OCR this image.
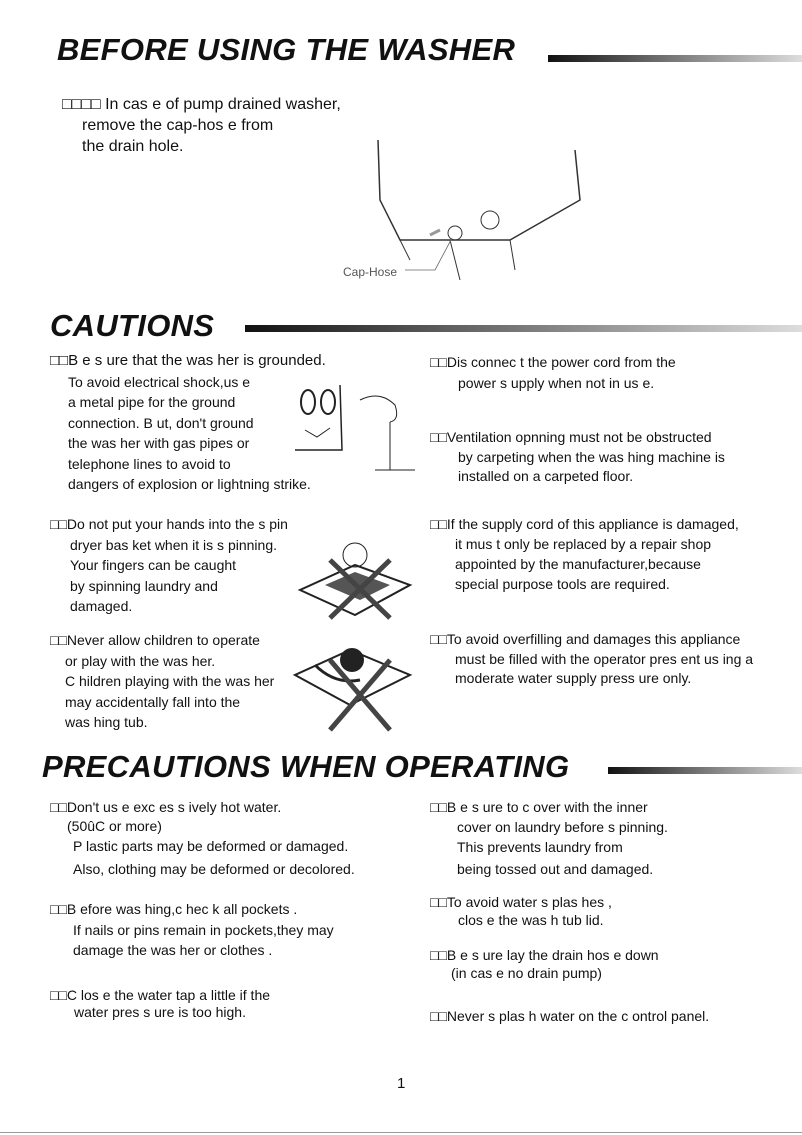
BEFORE USING THE WASHER
□□□□ In cas e of pump drained washer,
remove the cap-hos e from
the drain hole.
Cap-Hose
CAUTIONS
□□B e s ure that the was her is grounded.
To avoid electrical shock,us e
a metal pipe for the ground
connection. B ut, don't ground
the was her with gas pipes or
telephone lines to avoid to
dangers of explosion or lightning strike.
□□Do not put your hands into the s pin
dryer bas ket when it is s pinning.
Your fingers can be caught
by spinning laundry and
damaged.
□□Never allow children to operate
or play with the was her.
C hildren playing with the was her
may accidentally fall into the
was hing tub.
□□Dis connec t the power cord from the
power s upply when not in us e.
□□Ventilation opnning must not be obstructed
by carpeting when the was hing machine is
installed on a carpeted floor.
□□If the supply cord of this appliance is damaged,
it mus t only be replaced by a repair shop
appointed by the manufacturer,because
special purpose tools are required.
□□To avoid overfilling and damages this appliance
must be filled with the operator pres ent us ing a
moderate water supply press ure only.
PRECAUTIONS WHEN OPERATING
□□Don't us e exc es s ively hot water.
(50ûC or more)
P lastic parts may be deformed or damaged.
Also, clothing may be deformed or decolored.
□□B efore was hing,c hec k all pockets .
If nails or pins remain in pockets,they may
damage the was her or clothes .
□□C los e the water tap a little if the
water pres s ure is too high.
□□B e s ure to c over with the inner
cover on laundry before s pinning.
This prevents laundry from
being tossed out and damaged.
□□To avoid water s plas hes ,
clos e the was h tub lid.
□□B e s ure lay the drain hos e down
(in cas e no drain pump)
□□Never s plas h water on the c ontrol panel.
1
